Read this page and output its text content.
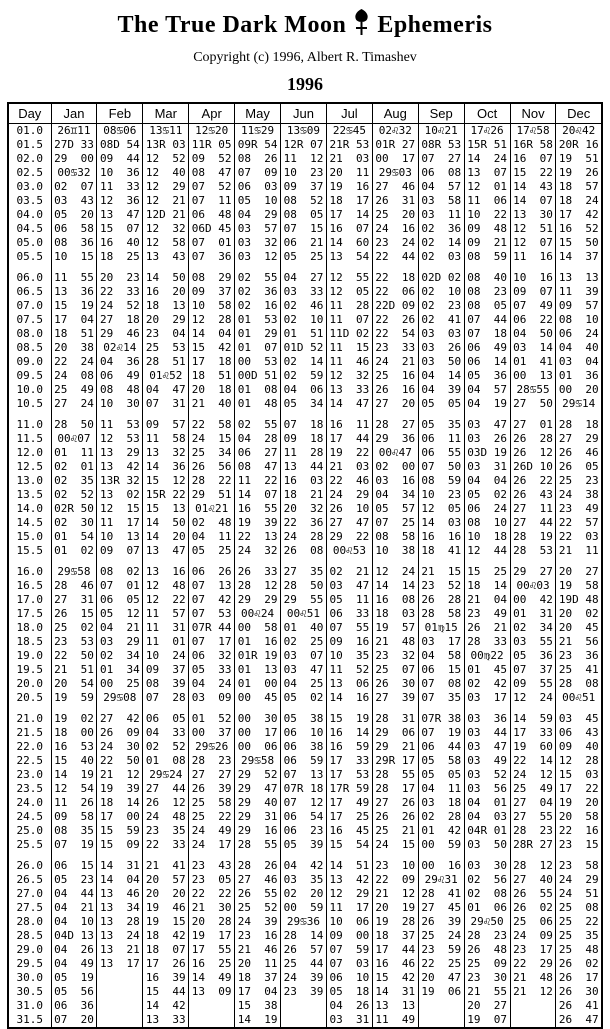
The True Dark Moon Ephemeris
Copyright (c) 1996, Albert R. Timashev
1996
Day	Jan	Feb	Mar	Apr	May	Jun	Jul	Aug	Sep	Oct	Nov	Dec
01.0	26♊11	08♋06	13♋11	12♋20	11♋29	13♋09	22♋45	02♌32	10♌21	17♌26	17♌58	20♌42
01.5	27D 33	08D 54	13R 03	11R 05	09R 54	12R 07	21R 53	01R 27	08R 53	15R 51	16R 58	20R 16
02.0	29  00	09  44	12  52	09  52	08  26	11  12	21  03	00  17	07  27	14  24	16  07	19  51
02.5	00♋32	10  36	12  40	08  47	07  09	10  23	20  11	29♋03	06  08	13  07	15  22	19  26
03.0	02  07	11  33	12  29	07  52	06  03	09  37	19  16	27  46	04  57	12  01	14  43	18  57
03.5	03  43	12  36	12  21	07  11	05  10	08  52	18  17	26  31	03  58	11  06	14  07	18  24
04.0	05  20	13  47	12D 21	06  48	04  29	08  05	17  14	25  20	03  11	10  22	13  30	17  42
04.5	06  58	15  07	12  32	06D 45	03  57	07  15	16  07	24  16	02  36	09  48	12  51	16  52
05.0	08  36	16  40	12  58	07  01	03  32	06  21	14  60	23  24	02  14	09  21	12  07	15  50
05.5	10  15	18  25	13  43	07  36	03  12	05  25	13  54	22  44	02  03	08  59	11  16	14  37

06.0	11  55	20  23	14  50	08  29	02  55	04  27	12  55	22  18	02D 02	08  40	10  16	13  13
06.5	13  36	22  33	16  20	09  37	02  36	03  33	12  05	22  06	02  10	08  23	09  07	11  39
07.0	15  19	24  52	18  13	10  58	02  16	02  46	11  28	22D 09	02  23	08  05	07  49	09  57
07.5	17  04	27  18	20  29	12  28	01  53	02  10	11  07	22  26	02  41	07  44	06  22	08  10
08.0	18  51	29  46	23  04	14  04	01  29	01  51	11D 02	22  54	03  03	07  18	04  50	06  24
08.5	20  38	02♌14	25  53	15  42	01  07	01D 52	11  15	23  33	03  26	06  49	03  14	04  40
09.0	22  24	04  36	28  51	17  18	00  53	02  14	11  46	24  21	03  50	06  14	01  41	03  04
09.5	24  08	06  49	01♌52	18  51	00D 51	02  59	12  32	25  16	04  14	05  36	00  13	01  36
10.0	25  49	08  48	04  47	20  18	01  08	04  06	13  33	26  16	04  39	04  57	28♋55	00  20
10.5	27  24	10  30	07  31	21  40	01  48	05  34	14  47	27  20	05  05	04  19	27  50	29♋14

11.0	28  50	11  53	09  57	22  58	02  55	07  18	16  11	28  27	05  35	03  47	27  01	28  18
11.5	00♌07	12  53	11  58	24  15	04  28	09  18	17  44	29  36	06  11	03  26	26  28	27  29
12.0	01  11	13  29	13  32	25  34	06  27	11  28	19  22	00♌47	06  55	03D 19	26  12	26  46
12.5	02  01	13  42	14  36	26  56	08  47	13  44	21  03	02  00	07  50	03  31	26D 10	26  05
13.0	02  35	13R 32	15  12	28  22	11  22	16  03	22  46	03  16	08  59	04  04	26  22	25  23
13.5	02  52	13  02	15R 22	29  51	14  07	18  21	24  29	04  34	10  23	05  02	26  43	24  38
14.0	02R 50	12  15	15  13	01♌21	16  55	20  32	26  10	05  57	12  05	06  24	27  11	23  49
14.5	02  30	11  17	14  50	02  48	19  39	22  36	27  47	07  25	14  03	08  10	27  44	22  57
15.0	01  54	10  13	14  20	04  11	22  13	24  28	29  22	08  58	16  16	10  18	28  19	22  03
15.5	01  02	09  07	13  47	05  25	24  32	26  08	00♌53	10  38	18  41	12  44	28  53	21  11

16.0	29♋58	08  02	13  16	06  26	26  33	27  35	02  21	12  24	21  15	15  25	29  27	20  27
16.5	28  46	07  01	12  48	07  13	28  12	28  50	03  47	14  14	23  52	18  14	00♌03	19  58
17.0	27  31	06  05	12  22	07  42	29  29	29  55	05  11	16  08	26  28	21  04	00  42	19D 48
17.5	26  15	05  12	11  57	07  53	00♌24	00♌51	06  33	18  03	28  58	23  49	01  31	20  02
18.0	25  02	04  21	11  31	07R 44	00  58	01  40	07  55	19  57	01♍15	26  21	02  34	20  45
18.5	23  53	03  29	11  01	07  17	01  16	02  25	09  16	21  48	03  17	28  33	03  55	21  56
19.0	22  50	02  34	10  24	06  32	01R 19	03  07	10  35	23  32	04  58	00♍22	05  36	23  36
19.5	21  51	01  34	09  37	05  33	01  13	03  47	11  52	25  07	06  15	01  45	07  37	25  41
20.0	20  54	00  25	08  39	04  24	01  00	04  25	13  06	26  30	07  08	02  42	09  55	28  08
20.5	19  59	29♋08	07  28	03  09	00  45	05  02	14  16	27  39	07  35	03  17	12  24	00♌51

21.0	19  02	27  42	06  05	01  52	00  30	05  38	15  19	28  31	07R 38	03  36	14  59	03  45
21.5	18  00	26  09	04  33	00  37	00  17	06  10	16  14	29  06	07  19	03  44	17  33	06  43
22.0	16  53	24  30	02  52	29♋26	00  06	06  38	16  59	29  21	06  44	03  47	19  60	09  40
22.5	15  40	22  50	01  08	28  23	29♋58	06  59	17  33	29R 17	05  58	03  49	22  14	12  28
23.0	14  19	21  12	29♋24	27  27	29  52	07  13	17  53	28  55	05  05	03  52	24  12	15  03
23.5	12  54	19  39	27  44	26  39	29  47	07R 18	17R 59	28  17	04  11	03  56	25  49	17  22
24.0	11  26	18  14	26  12	25  58	29  40	07  12	17  49	27  26	03  18	04  01	27  04	19  20
24.5	09  58	17  00	24  48	25  22	29  31	06  54	17  25	26  26	02  28	04  03	27  55	20  58
25.0	08  35	15  59	23  35	24  49	29  16	06  23	16  45	25  21	01  42	04R 01	28  23	22  16
25.5	07  19	15  09	22  33	24  17	28  55	05  39	15  54	24  15	00  59	03  50	28R 27	23  15

26.0	06  15	14  31	21  41	23  43	28  26	04  42	14  51	23  10	00  16	03  30	28  12	23  58
26.5	05  23	14  04	20  57	23  05	27  46	03  35	13  42	22  09	29♌31	02  56	27  40	24  29
27.0	04  44	13  46	20  20	22  22	26  55	02  20	12  29	21  12	28  41	02  08	26  55	24  51
27.5	04  21	13  34	19  46	21  30	25  52	00  59	11  17	20  19	27  45	01  06	26  02	25  08
28.0	04  10	13  28	19  15	20  28	24  39	29♋36	10  06	19  28	26  39	29♌50	25  06	25  22
28.5	04D 13	13  24	18  42	19  17	23  16	28  14	09  00	18  37	25  24	28  23	24  09	25  35
29.0	04  26	13  21	18  07	17  55	21  46	26  57	07  59	17  44	23  59	26  48	23  17	25  48
29.5	04  49	13  17	17  26	16  25	20  11	25  44	07  03	16  46	22  25	25  09	22  29	26  02
30.0	05  19		16  39	14  49	18  37	24  39	06  10	15  42	20  47	23  30	21  48	26  17
30.5	05  56		15  44	13  09	17  04	23  39	05  18	14  31	19  06	21  55	21  12	26  30
31.0	06  36		14  42		15  38		04  26	13  13		20  27		26  41
31.5	07  20		13  33		14  19		03  31	11  49		19  07		26  47
